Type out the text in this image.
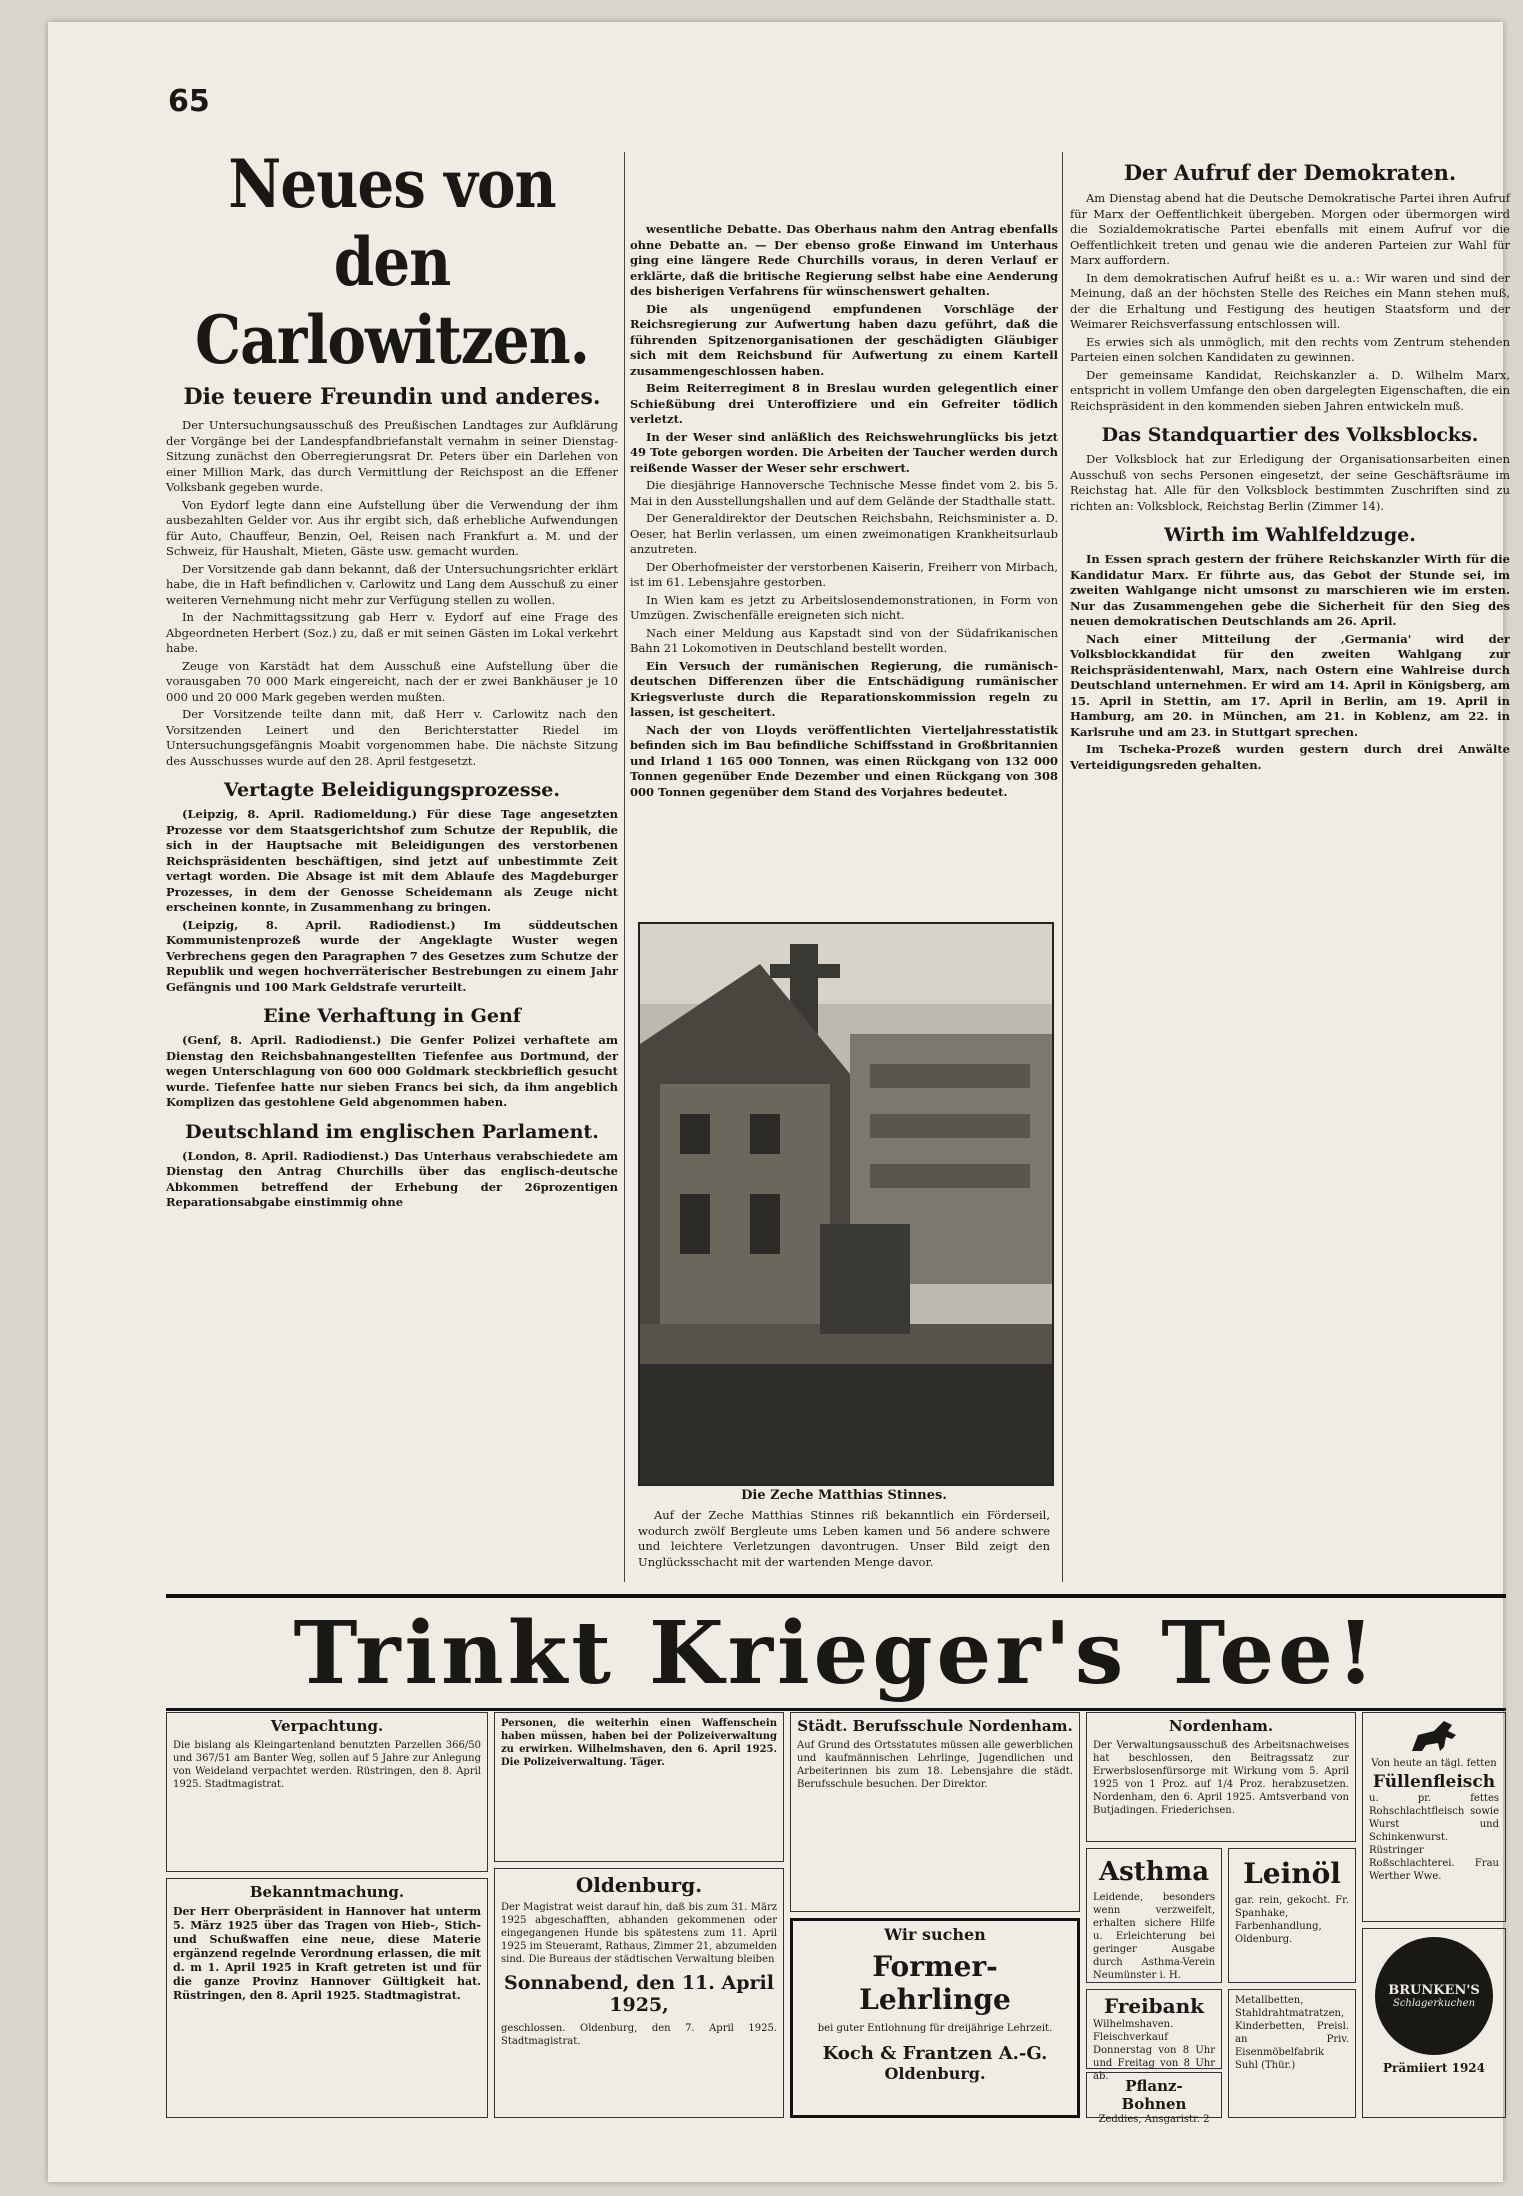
65
Neues von den Carlowitzen.
Die teuere Freundin und anderes.

Der Untersuchungsausschuß des Preußischen Landtages zur Aufklärung der Vorgänge bei der Landespfandbriefanstalt vernahm in seiner Dienstag-Sitzung zunächst den Oberregierungsrat Dr. Peters über ein Darlehen von einer Million Mark, das durch Vermittlung der Reichspost an die Effener Volksbank gegeben wurde.

Von Eydorf legte dann eine Aufstellung über die Verwendung der ihm ausbezahlten Gelder vor. Aus ihr ergibt sich, daß erhebliche Aufwendungen für Auto, Chauffeur, Benzin, Oel, Reisen nach Frankfurt a. M. und der Schweiz, für Haushalt, Mieten, Gäste usw. gemacht wurden.

Der Vorsitzende gab dann bekannt, daß der Untersuchungsrichter erklärt habe, die in Haft befindlichen v. Carlowitz und Lang dem Ausschuß zu einer weiteren Vernehmung nicht mehr zur Verfügung stellen zu wollen.

In der Nachmittagssitzung gab Herr v. Eydorf auf eine Frage des Abgeordneten Herbert (Soz.) zu, daß er mit seinen Gästen im Lokal verkehrt habe.

Zeuge von Karstädt hat dem Ausschuß eine Aufstellung über die vorausgaben 70 000 Mark eingereicht, nach der er zwei Bankhäuser je 10 000 und 20 000 Mark gegeben werden mußten.

Der Vorsitzende teilte dann mit, daß Herr v. Carlowitz nach den Vorsitzenden Leinert und den Berichterstatter Riedel im Untersuchungsgefängnis Moabit vorgenommen habe. Die nächste Sitzung des Ausschusses wurde auf den 28. April festgesetzt.

Vertagte Beleidigungsprozesse.

(Leipzig, 8. April. Radiomeldung.) Für diese Tage angesetzten Prozesse vor dem Staatsgerichtshof zum Schutze der Republik, die sich in der Hauptsache mit Beleidigungen des verstorbenen Reichspräsidenten beschäftigen, sind jetzt auf unbestimmte Zeit vertagt worden. Die Absage ist mit dem Ablaufe des Magdeburger Prozesses, in dem der Genosse Scheidemann als Zeuge nicht erscheinen konnte, in Zusammenhang zu bringen.

(Leipzig, 8. April. Radiodienst.) Im süddeutschen Kommunistenprozeß wurde der Angeklagte Wuster wegen Verbrechens gegen den Paragraphen 7 des Gesetzes zum Schutze der Republik und wegen hochverräterischer Bestrebungen zu einem Jahr Gefängnis und 100 Mark Geldstrafe verurteilt.

Eine Verhaftung in Genf

(Genf, 8. April. Radiodienst.) Die Genfer Polizei verhaftete am Dienstag den Reichsbahnangestellten Tiefenfee aus Dortmund, der wegen Unterschlagung von 600 000 Goldmark steckbrieflich gesucht wurde. Tiefenfee hatte nur sieben Francs bei sich, da ihm angeblich Komplizen das gestohlene Geld abgenommen haben.

Deutschland im englischen Parlament.

(London, 8. April. Radiodienst.) Das Unterhaus verabschiedete am Dienstag den Antrag Churchills über das englisch-deutsche Abkommen betreffend der Erhebung der 26prozentigen Reparationsabgabe einstimmig ohne

wesentliche Debatte. Das Oberhaus nahm den Antrag ebenfalls ohne Debatte an. — Der ebenso große Einwand im Unterhaus ging eine längere Rede Churchills voraus, in deren Verlauf er erklärte, daß die britische Regierung selbst habe eine Aenderung des bisherigen Verfahrens für wünschenswert gehalten.

Die als ungenügend empfundenen Vorschläge der Reichsregierung zur Aufwertung haben dazu geführt, daß die führenden Spitzenorganisationen der geschädigten Gläubiger sich mit dem Reichsbund für Aufwertung zu einem Kartell zusammengeschlossen haben.

Beim Reiterregiment 8 in Breslau wurden gelegentlich einer Schießübung drei Unteroffiziere und ein Gefreiter tödlich verletzt.

In der Weser sind anläßlich des Reichswehrunglücks bis jetzt 49 Tote geborgen worden. Die Arbeiten der Taucher werden durch reißende Wasser der Weser sehr erschwert.

Die diesjährige Hannoversche Technische Messe findet vom 2. bis 5. Mai in den Ausstellungshallen und auf dem Gelände der Stadthalle statt.

Der Generaldirektor der Deutschen Reichsbahn, Reichsminister a. D. Oeser, hat Berlin verlassen, um einen zweimonatigen Krankheitsurlaub anzutreten.

Der Oberhofmeister der verstorbenen Kaiserin, Freiherr von Mirbach, ist im 61. Lebensjahre gestorben.

In Wien kam es jetzt zu Arbeitslosendemonstrationen, in Form von Umzügen. Zwischenfälle ereigneten sich nicht.

Nach einer Meldung aus Kapstadt sind von der Südafrikanischen Bahn 21 Lokomotiven in Deutschland bestellt worden.

Ein Versuch der rumänischen Regierung, die rumänisch-deutschen Differenzen über die Entschädigung rumänischer Kriegsverluste durch die Reparationskommission regeln zu lassen, ist gescheitert.

Nach der von Lloyds veröffentlichten Vierteljahresstatistik befinden sich im Bau befindliche Schiffsstand in Großbritannien und Irland 1 165 000 Tonnen, was einen Rückgang von 132 000 Tonnen gegenüber Ende Dezember und einen Rückgang von 308 000 Tonnen gegenüber dem Stand des Vorjahres bedeutet.

Die Zeche Matthias Stinnes.

Auf der Zeche Matthias Stinnes riß bekanntlich ein Förderseil, wodurch zwölf Bergleute ums Leben kamen und 56 andere schwere und leichtere Verletzungen davontrugen. Unser Bild zeigt den Unglücksschacht mit der wartenden Menge davor.

Der Aufruf der Demokraten.

Am Dienstag abend hat die Deutsche Demokratische Partei ihren Aufruf für Marx der Oeffentlichkeit übergeben. Morgen oder übermorgen wird die Sozialdemokratische Partei ebenfalls mit einem Aufruf vor die Oeffentlichkeit treten und genau wie die anderen Parteien zur Wahl für Marx auffordern.

In dem demokratischen Aufruf heißt es u. a.: Wir waren und sind der Meinung, daß an der höchsten Stelle des Reiches ein Mann stehen muß, der die Erhaltung und Festigung des heutigen Staatsform und der Weimarer Reichsverfassung entschlossen will.

Es erwies sich als unmöglich, mit den rechts vom Zentrum stehenden Parteien einen solchen Kandidaten zu gewinnen.

Der gemeinsame Kandidat, Reichskanzler a. D. Wilhelm Marx, entspricht in vollem Umfange den oben dargelegten Eigenschaften, die ein Reichspräsident in den kommenden sieben Jahren entwickeln muß.

Das Standquartier des Volksblocks.

Der Volksblock hat zur Erledigung der Organisationsarbeiten einen Ausschuß von sechs Personen eingesetzt, der seine Geschäftsräume im Reichstag hat. Alle für den Volksblock bestimmten Zuschriften sind zu richten an: Volksblock, Reichstag Berlin (Zimmer 14).

Wirth im Wahlfeldzuge.

In Essen sprach gestern der frühere Reichskanzler Wirth für die Kandidatur Marx. Er führte aus, das Gebot der Stunde sei, im zweiten Wahlgange nicht umsonst zu marschieren wie im ersten. Nur das Zusammengehen gebe die Sicherheit für den Sieg des neuen demokratischen Deutschlands am 26. April.

Nach einer Mitteilung der ‚Germania' wird der Volksblockkandidat für den zweiten Wahlgang zur Reichspräsidentenwahl, Marx, nach Ostern eine Wahlreise durch Deutschland unternehmen. Er wird am 14. April in Königsberg, am 15. April in Stettin, am 17. April in Berlin, am 19. April in Hamburg, am 20. in München, am 21. in Koblenz, am 22. in Karlsruhe und am 23. in Stuttgart sprechen.

Im Tscheka-Prozeß wurden gestern durch drei Anwälte Verteidigungsreden gehalten.

Trinkt Krieger's Tee!
Verpachtung.

Die bislang als Kleingartenland benutzten Parzellen 366/50 und 367/51 am Banter Weg, sollen auf 5 Jahre zur Anlegung von Weideland verpachtet werden. Rüstringen, den 8. April 1925. Stadtmagistrat.

Bekanntmachung.

Der Herr Oberpräsident in Hannover hat unterm 5. März 1925 über das Tragen von Hieb-, Stich- und Schußwaffen eine neue, diese Materie ergänzend regelnde Verordnung erlassen, die mit d. m 1. April 1925 in Kraft getreten ist und für die ganze Provinz Hannover Gültigkeit hat. Rüstringen, den 8. April 1925. Stadtmagistrat.

Personen, die weiterhin einen Waffenschein haben müssen, haben bei der Polizeiverwaltung zu erwirken. Wilhelmshaven, den 6. April 1925. Die Polizeiverwaltung. Täger.

Oldenburg.

Der Magistrat weist darauf hin, daß bis zum 31. März 1925 abgeschafften, abhanden gekommenen oder eingegangenen Hunde bis spätestens zum 11. April 1925 im Steueramt, Rathaus, Zimmer 21, abzumelden sind. Die Bureaus der städtischen Verwaltung bleiben

Sonnabend, den 11. April 1925,

geschlossen. Oldenburg, den 7. April 1925. Stadtmagistrat.

Städt. Berufsschule Nordenham.

Auf Grund des Ortsstatutes müssen alle gewerblichen und kaufmännischen Lehrlinge, Jugendlichen und Arbeiterinnen bis zum 18. Lebensjahre die städt. Berufsschule besuchen. Der Direktor.

Wir suchen
Former-Lehrlinge

bei guter Entlohnung für dreijährige Lehrzeit.

Koch & Frantzen A.-G.
Oldenburg.
Nordenham.

Der Verwaltungsausschuß des Arbeitsnachweises hat beschlossen, den Beitragssatz zur Erwerbslosenfürsorge mit Wirkung vom 5. April 1925 von 1 Proz. auf 1/4 Proz. herabzusetzen. Nordenham, den 6. April 1925. Amtsverband von Butjadingen. Friederichsen.

Asthma

Leidende, besonders wenn verzweifelt, erhalten sichere Hilfe u. Erleichterung bei geringer Ausgabe durch Asthma-Verein Neumünster i. H.

Leinöl

gar. rein, gekocht. Fr. Spanhake, Farbenhandlung, Oldenburg.

Freibank

Wilhelmshaven. Fleischverkauf Donnerstag von 8 Uhr und Freitag von 8 Uhr ab.

Pflanz-Bohnen

Zeddies, Ansgaristr. 2

Metallbetten, Stahldrahtmatratzen, Kinderbetten, Preisl. an Priv. Eisenmöbelfabrik Suhl (Thür.)

Von heute an tägl. fetten

Füllenfleisch

u. pr. fettes Rohschlachtfleisch sowie Wurst und Schinkenwurst. Rüstringer Roßschlachterei. Frau Werther Wwe.

BRUNKEN'S
Schlagerkuchen
Prämiiert 1924
